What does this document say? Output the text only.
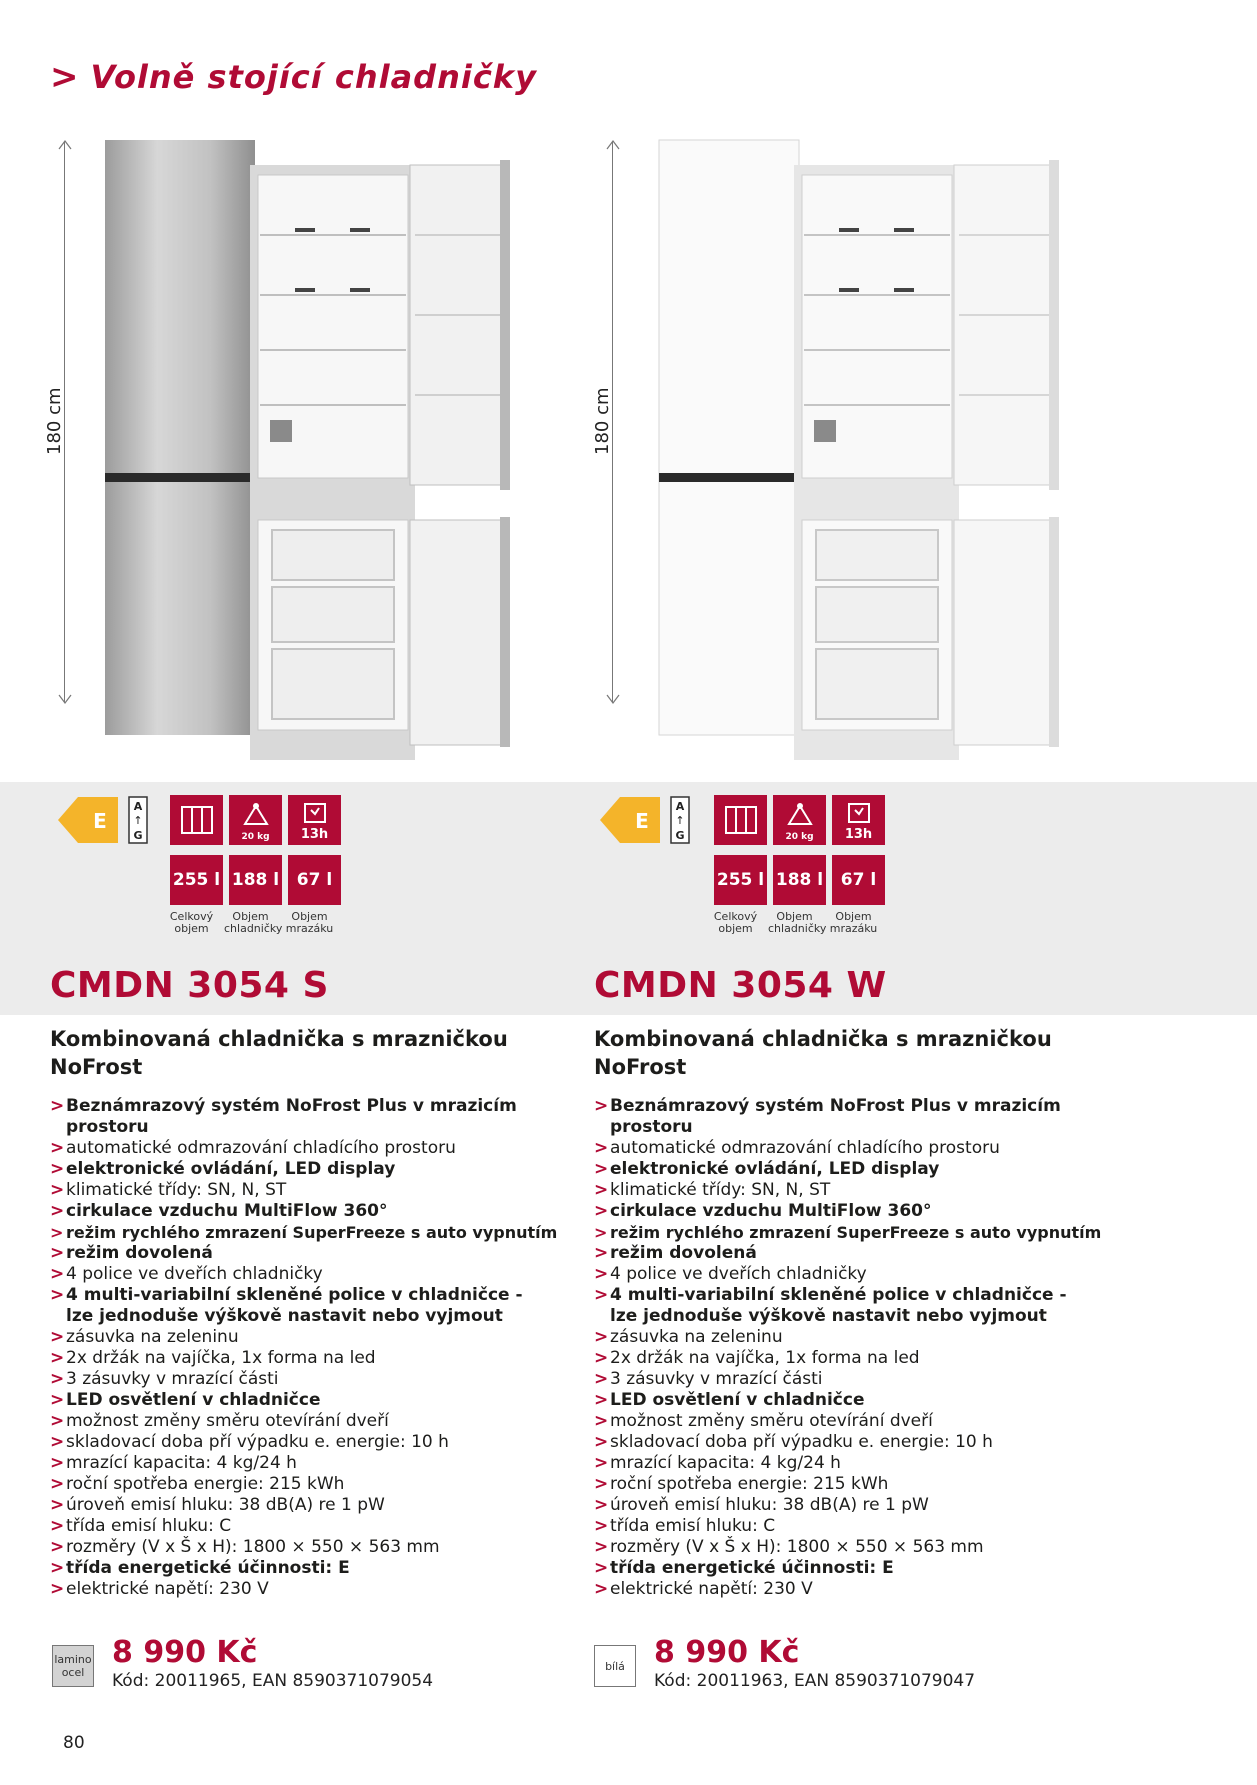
> Volně stojící chladničky
180 cm
E
A
↑
G	20 kg	13h
255 l 188 l	67 l
Celkový objem
Objem chladničky
Objem mrazáku
CMDN 3054 S
Kombinovaná chladnička s mrazničkou NoFrost
> Beznámrazový systém NoFrost Plus v mrazicím prostoru
> automatické odmrazování chladícího prostoru
> elektronické ovládání, LED display
> klimatické třídy: SN, N, ST
> cirkulace vzduchu MultiFlow 360°
> režim rychlého zmrazení SuperFreeze s auto vypnutím
> režim dovolená
> 4 police ve dveřích chladničky
> 4 multi-variabilní skleněné police v chladničce - lze jednoduše výškově nastavit nebo vyjmout
> zásuvka na zeleninu
> 2x držák na vajíčka, 1x forma na led
> 3 zásuvky v mrazící části
> LED osvětlení v chladničce
> možnost změny směru otevírání dveří
> skladovací doba pří výpadku e. energie: 10 h
> mrazící kapacita: 4 kg/24 h
> roční spotřeba energie: 215 kWh
> úroveň emisí hluku: 38 dB(A) re 1 pW
> třída emisí hluku: C
> rozměry (V x Š x H): 1800 × 550 × 563 mm
> třída energetické účinnosti: E
> elektrické napětí: 230 V
lamino ocel
8 990 Kč
Kód: 20011965, EAN 8590371079054
180 cm
E
A
↑
G	20 kg	13h
255 l 188 l	67 l
Celkový objem
Objem chladničky
Objem mrazáku
CMDN 3054 W
Kombinovaná chladnička s mrazničkou NoFrost
> Beznámrazový systém NoFrost Plus v mrazicím prostoru
> automatické odmrazování chladícího prostoru
> elektronické ovládání, LED display
> klimatické třídy: SN, N, ST
> cirkulace vzduchu MultiFlow 360°
> režim rychlého zmrazení SuperFreeze s auto vypnutím
> režim dovolená
> 4 police ve dveřích chladničky
> 4 multi-variabilní skleněné police v chladničce - lze jednoduše výškově nastavit nebo vyjmout
> zásuvka na zeleninu
> 2x držák na vajíčka, 1x forma na led
> 3 zásuvky v mrazící části
> LED osvětlení v chladničce
> možnost změny směru otevírání dveří
> skladovací doba pří výpadku e. energie: 10 h
> mrazící kapacita: 4 kg/24 h
> roční spotřeba energie: 215 kWh
> úroveň emisí hluku: 38 dB(A) re 1 pW
> třída emisí hluku: C
> rozměry (V x Š x H): 1800 × 550 × 563 mm
> třída energetické účinnosti: E
> elektrické napětí: 230 V
bílá 8 990 Kč
Kód: 20011963, EAN 8590371079047
80
